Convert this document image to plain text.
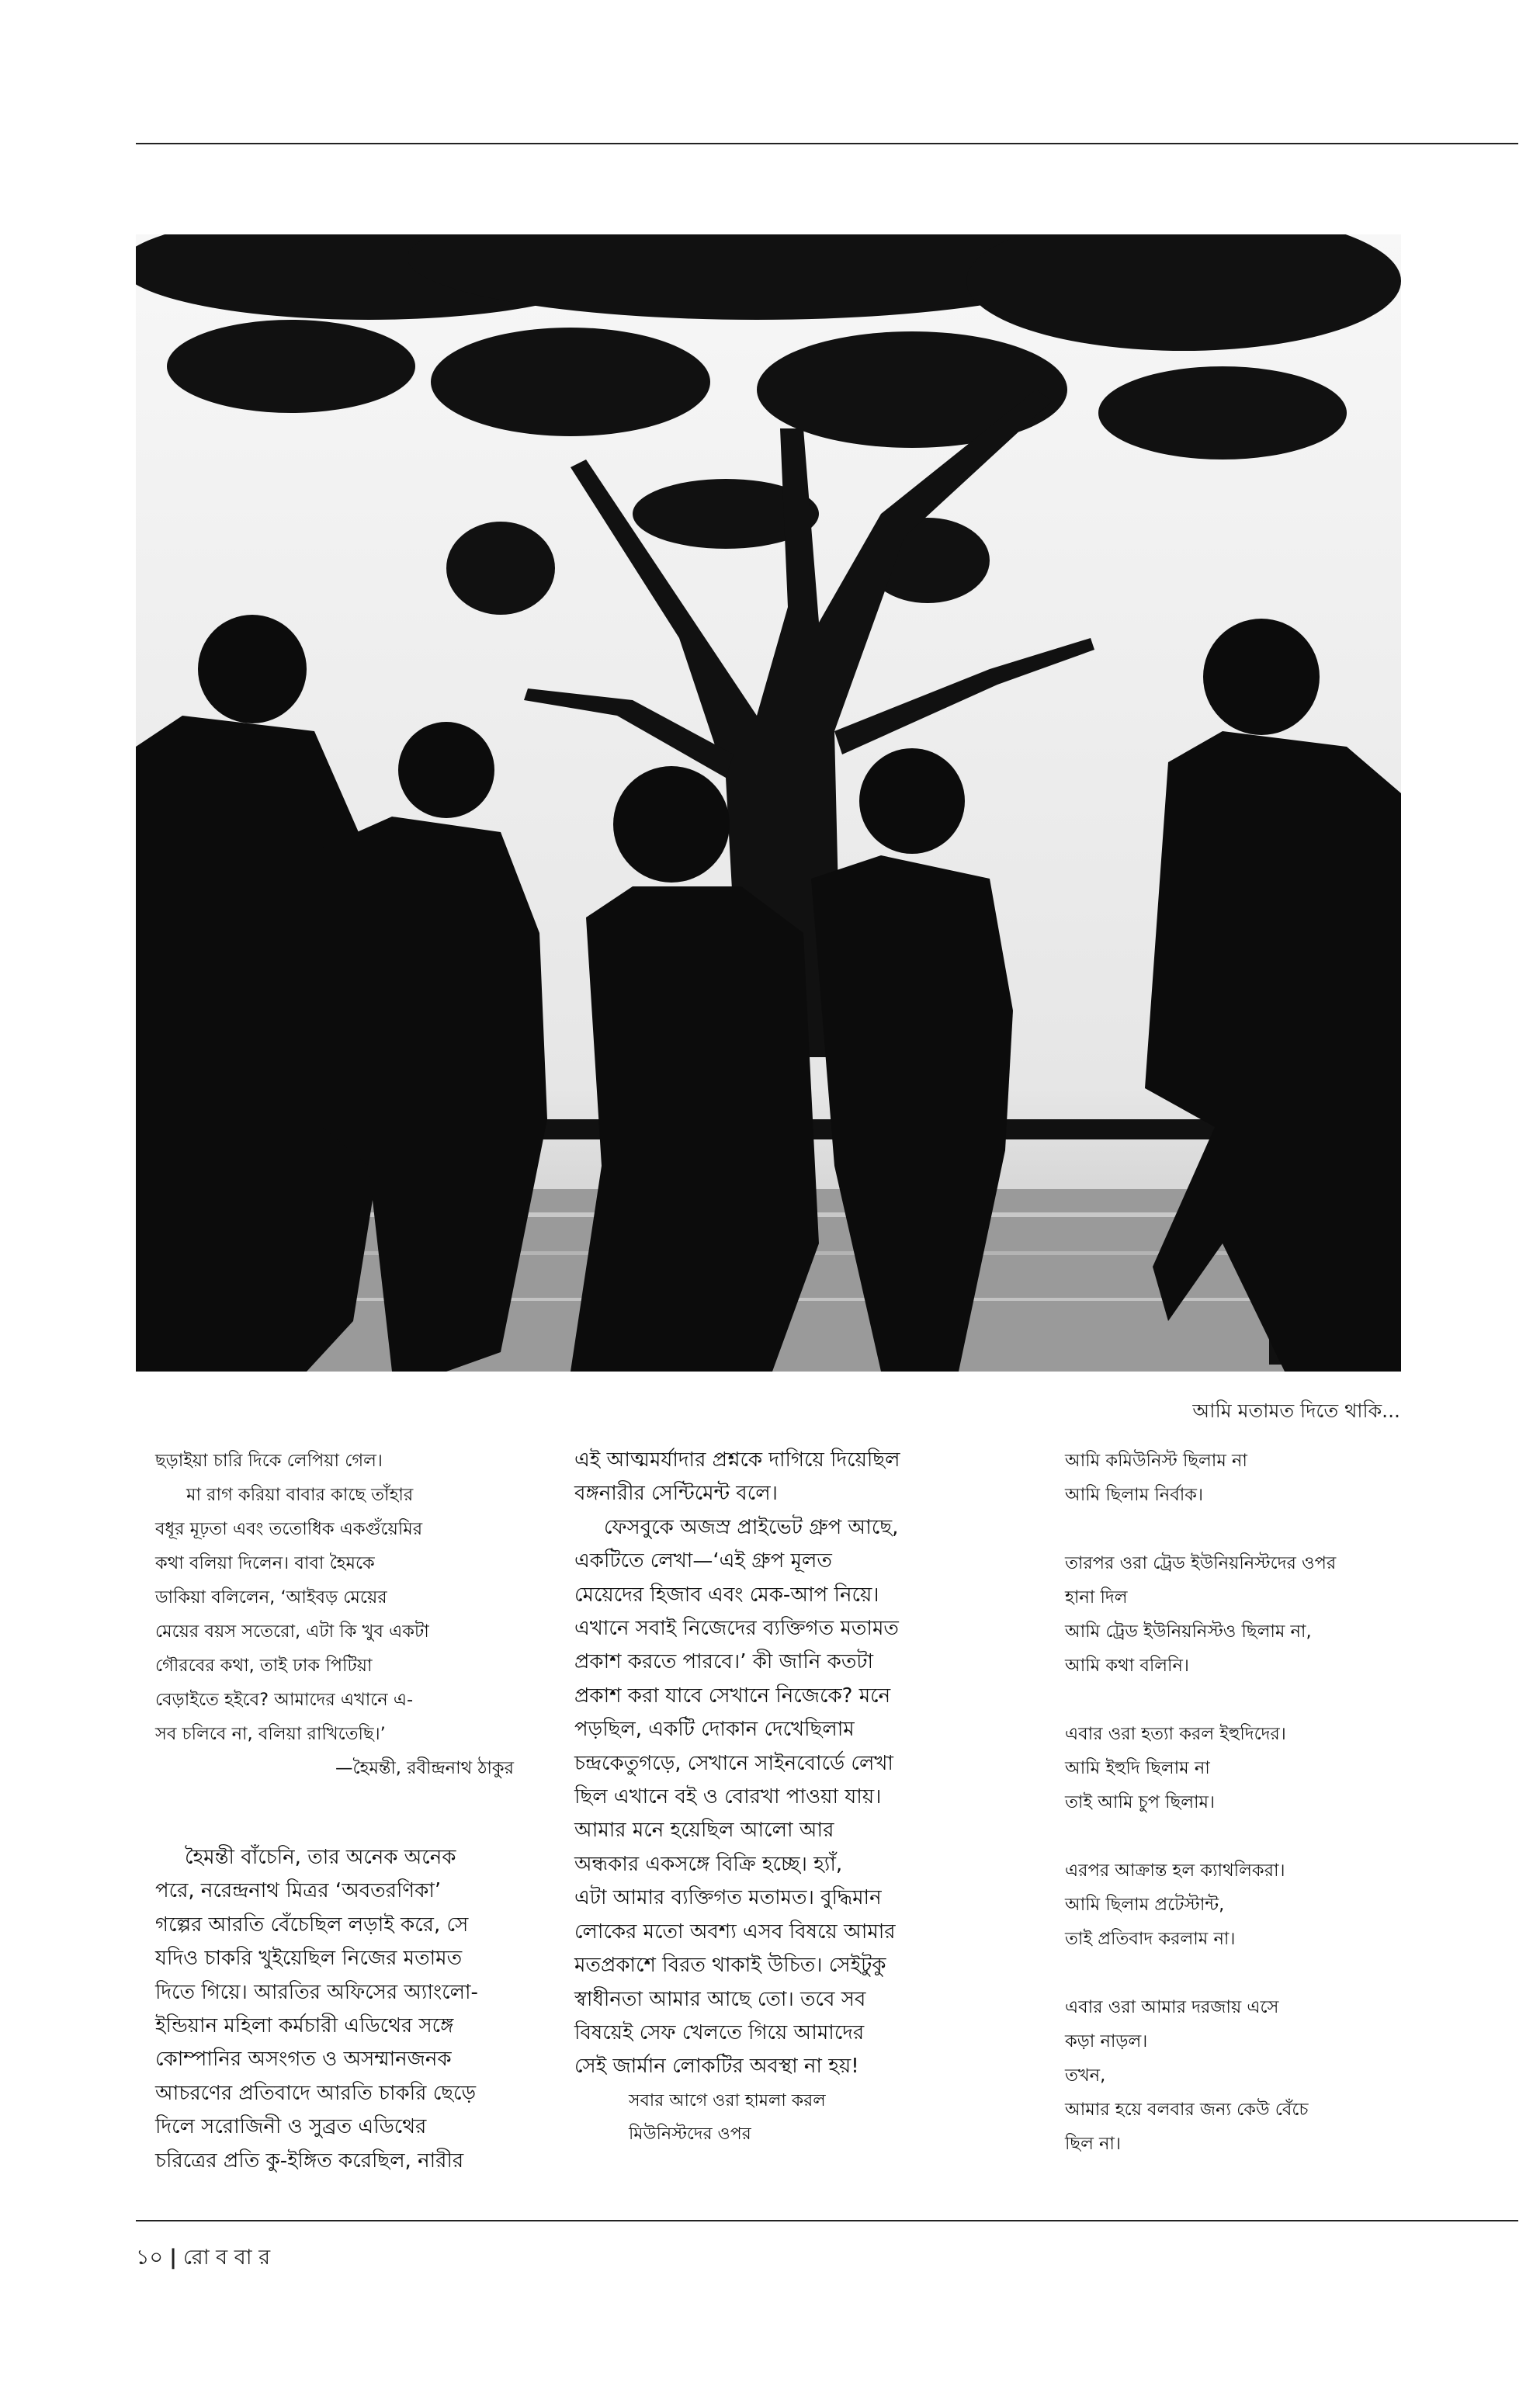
আমি মতামত দিতে থাকি...

ছড়াইয়া চারি দিকে লেপিয়া গেল।

মা রাগ করিয়া বাবার কাছে তাঁহার

বধূর মূঢ়তা এবং ততোধিক একগুঁয়েমির

কথা বলিয়া দিলেন। বাবা হৈমকে

ডাকিয়া বলিলেন, ‘আইবড় মেয়ের

মেয়ের বয়স সতেরো, এটা কি খুব একটা

গৌরবের কথা, তাই ঢাক পিটিয়া

বেড়াইতে হইবে? আমাদের এখানে এ-

সব চলিবে না, বলিয়া রাখিতেছি।’

—হৈমন্তী, রবীন্দ্রনাথ ঠাকুর

হৈমন্তী বাঁচেনি, তার অনেক অনেক

পরে, নরেন্দ্রনাথ মিত্রর ‘অবতরণিকা’

গল্পের আরতি বেঁচেছিল লড়াই করে, সে

যদিও চাকরি খুইয়েছিল নিজের মতামত

দিতে গিয়ে। আরতির অফিসের অ্যাংলো-

ইন্ডিয়ান মহিলা কর্মচারী এডিথের সঙ্গে

কোম্পানির অসংগত ও অসম্মানজনক

আচরণের প্রতিবাদে আরতি চাকরি ছেড়ে

দিলে সরোজিনী ও সুব্রত এডিথের

চরিত্রের প্রতি কু-ইঙ্গিত করেছিল, নারীর

এই আত্মমর্যাদার প্রশ্নকে দাগিয়ে দিয়েছিল

বঙ্গনারীর সেন্টিমেন্ট বলে।

ফেসবুকে অজস্র প্রাইভেট গ্রুপ আছে,

একটিতে লেখা—‘এই গ্রুপ মূলত

মেয়েদের হিজাব এবং মেক-আপ নিয়ে।

এখানে সবাই নিজেদের ব্যক্তিগত মতামত

প্রকাশ করতে পারবে।’ কী জানি কতটা

প্রকাশ করা যাবে সেখানে নিজেকে? মনে

পড়ছিল, একটি দোকান দেখেছিলাম

চন্দ্রকেতুগড়ে, সেখানে সাইনবোর্ডে লেখা

ছিল এখানে বই ও বোরখা পাওয়া যায়।

আমার মনে হয়েছিল আলো আর

অন্ধকার একসঙ্গে বিক্রি হচ্ছে। হ্যাঁ,

এটা আমার ব্যক্তিগত মতামত। বুদ্ধিমান

লোকের মতো অবশ্য এসব বিষয়ে আমার

মতপ্রকাশে বিরত থাকাই উচিত। সেইটুকু

স্বাধীনতা আমার আছে তো। তবে সব

বিষয়েই সেফ খেলতে গিয়ে আমাদের

সেই জার্মান লোকটির অবস্থা না হয়!

সবার আগে ওরা হামলা করল

মিউনিস্টদের ওপর

আমি কমিউনিস্ট ছিলাম না

আমি ছিলাম নির্বাক।

তারপর ওরা ট্রেড ইউনিয়নিস্টদের ওপর

হানা দিল

আমি ট্রেড ইউনিয়নিস্টও ছিলাম না,

আমি কথা বলিনি।

এবার ওরা হত্যা করল ইহুদিদের।

আমি ইহুদি ছিলাম না

তাই আমি চুপ ছিলাম।

এরপর আক্রান্ত হল ক্যাথলিকরা।

আমি ছিলাম প্রটেস্টান্ট,

তাই প্রতিবাদ করলাম না।

এবার ওরা আমার দরজায় এসে

কড়া নাড়ল।

তখন,

আমার হয়ে বলবার জন্য কেউ বেঁচে

ছিল না।

১০ | রো ব বা র
